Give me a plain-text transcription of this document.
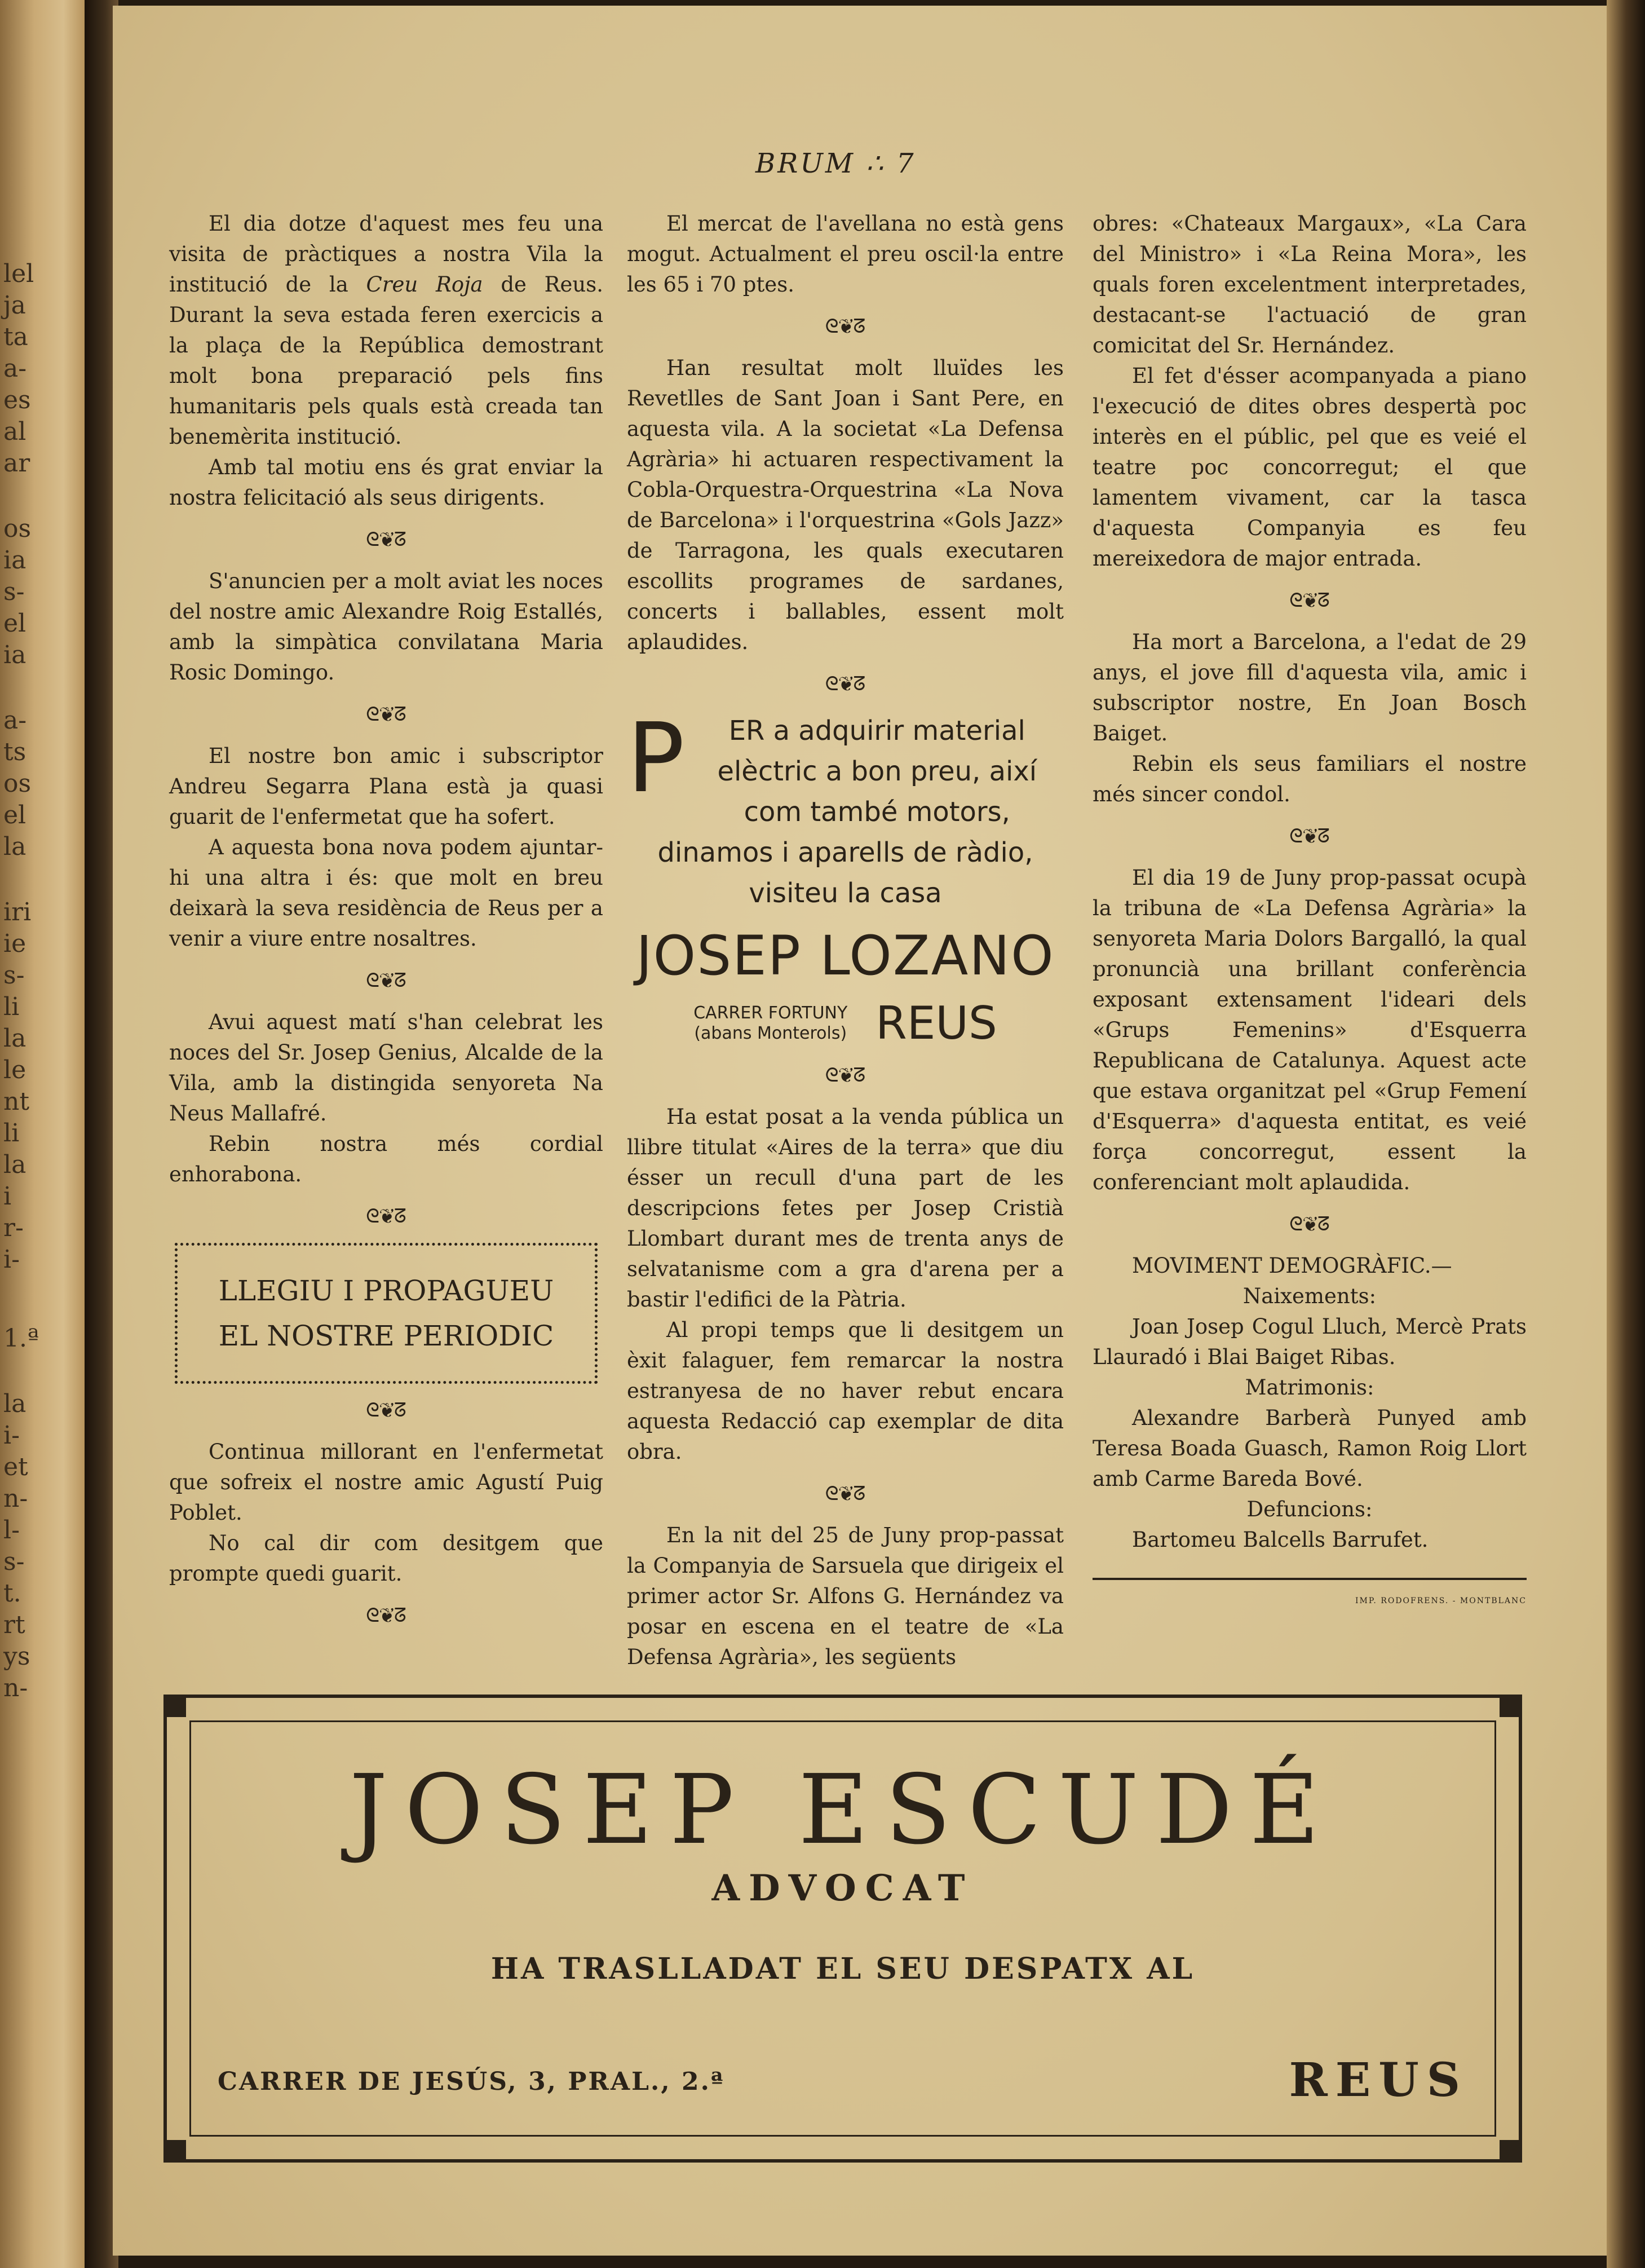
lel
ja
ta
a-
es
al
ar
os
ia
s-
el
ia
a-
ts
os
el
la
iri
ie
s-
li
la
le
nt
li
la
i
r-
i-
1.ª
la
i-
et
n-
l-
s-
t.
rt
ys
n-
BRUM ∴ 7

El dia dotze d'aquest mes feu una visita de pràctiques a nostra Vila la institució de la Creu Roja de Reus. Durant la seva estada feren exercicis a la plaça de la República demostrant molt bona preparació pels fins humanitaris pels quals està creada tan benemèrita institució.

Amb tal motiu ens és grat enviar la nostra felicitació als seus dirigents.

ᘓ❦ᘔ

S'anuncien per a molt aviat les noces del nostre amic Alexandre Roig Estallés, amb la simpàtica convilatana Maria Rosic Domingo.

ᘓ❦ᘔ

El nostre bon amic i subscriptor Andreu Segarra Plana està ja quasi guarit de l'enfermetat que ha sofert.

A aquesta bona nova podem ajuntar-hi una altra i és: que molt en breu deixarà la seva residència de Reus per a venir a viure entre nosaltres.

ᘓ❦ᘔ

Avui aquest matí s'han celebrat les noces del Sr. Josep Genius, Alcalde de la Vila, amb la distingida senyoreta Na Neus Mallafré.

Rebin nostra més cordial enhorabona.

ᘓ❦ᘔ
LLEGIU I PROPAGUEU
EL NOSTRE PERIODIC
ᘓ❦ᘔ

Continua millorant en l'enfermetat que sofreix el nostre amic Agustí Puig Poblet.

No cal dir com desitgem que prompte quedi guarit.

ᘓ❦ᘔ

El mercat de l'avellana no està gens mogut. Actualment el preu oscil·la entre les 65 i 70 ptes.

ᘓ❦ᘔ

Han resultat molt lluïdes les Revetlles de Sant Joan i Sant Pere, en aquesta vila. A la societat «La Defensa Agrària» hi actuaren respectivament la Cobla-Orquestra-Orquestrina «La Nova de Barcelona» i l'orquestrina «Gols Jazz» de Tarragona, les quals executaren escollits programes de sardanes, concerts i ballables, essent molt aplaudides.

ᘓ❦ᘔ
P ER a adquirir material elèctric a bon preu, així com també motors, dinamos i aparells de ràdio, visiteu la casa
JOSEP LOZANO
CARRER FORTUNY
(abans Monterols) REUS
ᘓ❦ᘔ

Ha estat posat a la venda pública un llibre titulat «Aires de la terra» que diu ésser un recull d'una part de les descripcions fetes per Josep Cristià Llombart durant mes de trenta anys de selvatanisme com a gra d'arena per a bastir l'edifici de la Pàtria.

Al propi temps que li desitgem un èxit falaguer, fem remarcar la nostra estranyesa de no haver rebut encara aquesta Redacció cap exemplar de dita obra.

ᘓ❦ᘔ

En la nit del 25 de Juny prop-passat la Companyia de Sarsuela que dirigeix el primer actor Sr. Alfons G. Hernández va posar en escena en el teatre de «La Defensa Agrària», les següents

obres: «Chateaux Margaux», «La Cara del Ministro» i «La Reina Mora», les quals foren excelentment interpretades, destacant-se l'actuació de gran comicitat del Sr. Hernández.

El fet d'ésser acompanyada a piano l'execució de dites obres despertà poc interès en el públic, pel que es veié el teatre poc concorregut; el que lamentem vivament, car la tasca d'aquesta Companyia es feu mereixedora de major entrada.

ᘓ❦ᘔ

Ha mort a Barcelona, a l'edat de 29 anys, el jove fill d'aquesta vila, amic i subscriptor nostre, En Joan Bosch Baiget.

Rebin els seus familiars el nostre més sincer condol.

ᘓ❦ᘔ

El dia 19 de Juny prop-passat ocupà la tribuna de «La Defensa Agrària» la senyoreta Maria Dolors Bargalló, la qual pronuncià una brillant conferència exposant extensament l'ideari dels «Grups Femenins» d'Esquerra Republicana de Catalunya. Aquest acte que estava organitzat pel «Grup Femení d'Esquerra» d'aquesta entitat, es veié força concorregut, essent la conferenciant molt aplaudida.

ᘓ❦ᘔ

MOVIMENT DEMOGRÀFIC.—

Naixements:

Joan Josep Cogul Lluch, Mercè Prats Llauradó i Blai Baiget Ribas.

Matrimonis:

Alexandre Barberà Punyed amb Teresa Boada Guasch, Ramon Roig Llort amb Carme Bareda Bové.

Defuncions:

Bartomeu Balcells Barrufet.

IMP. RODOFRENS. - MONTBLANC
JOSEP ESCUDÉ
ADVOCAT
HA TRASLLADAT EL SEU DESPATX AL
CARRER DE JESÚS, 3, PRAL., 2.ª	REUS
